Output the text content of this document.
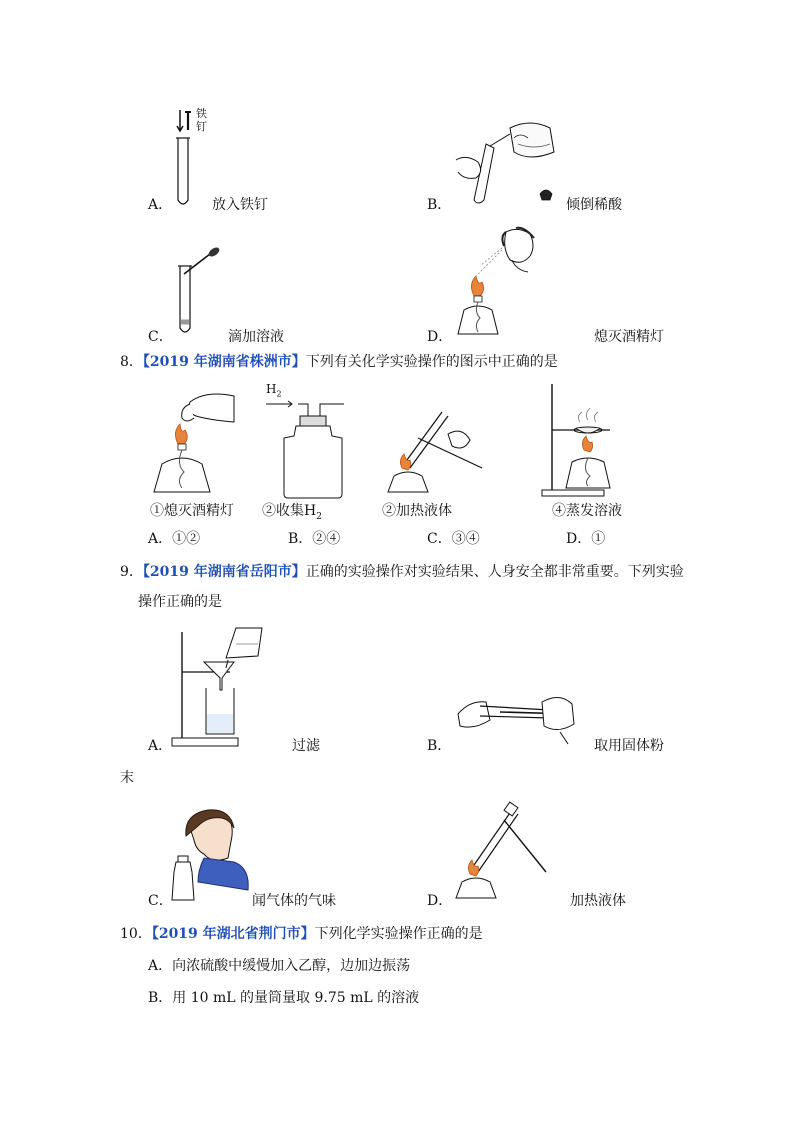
铁
钉
A．	放入铁钉	B．	倾倒稀酸
C．	滴加溶液	D．	熄灭酒精灯
8．【2019 年湖南省株洲市】下列有关化学实验操作的图示中正确的是
$H_2$
①熄灭酒精灯 ②收集$H_2$	②加热液体	④蒸发溶液
A．①②	B．②④	C．③④	D．①
9．【2019 年湖南省岳阳市】正确的实验操作对实验结果、人身安全都非常重要。下列实验
操作正确的是
A．	过滤	B．	取用固体粉
末
C．	闻气体的气味	D．	加热液体
10．【2019 年湖北省荆门市】下列化学实验操作正确的是
A．向浓硫酸中缓慢加入乙醇，边加边振荡
B．用 10 mL 的量筒量取 9.75 mL 的溶液
